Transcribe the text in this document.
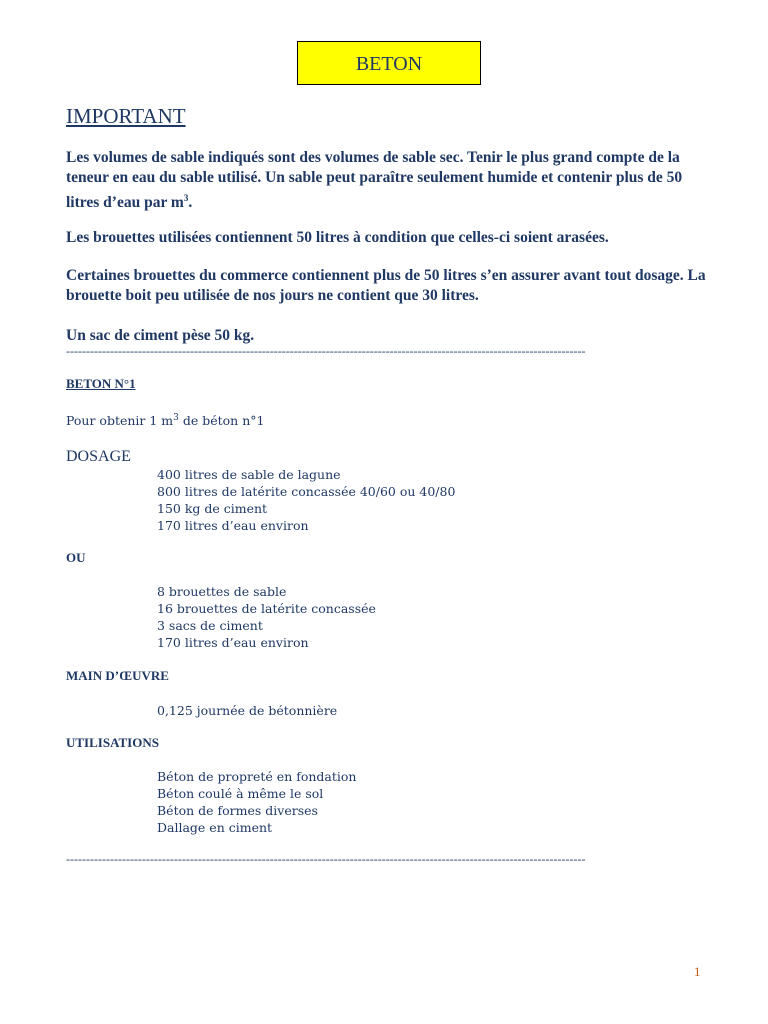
BETON
IMPORTANT
Les volumes de sable indiqués sont des volumes de sable sec. Tenir le plus grand compte de la teneur en eau du sable utilisé. Un sable peut paraître seulement humide et contenir plus de 50 litres d’eau par $m^3$.
Les brouettes utilisées contiennent 50 litres à condition que celles-ci soient arasées.
Certaines brouettes du commerce contiennent plus de 50 litres s’en assurer avant tout dosage. La brouette boit peu utilisée de nos jours ne contient que 30 litres.
Un sac de ciment pèse 50 kg.
----------------------------------------------------------------------------------------------------------------------------------
BETON N°1
Pour obtenir 1 $m^3$ de béton n°1
DOSAGE
400 litres de sable de lagune
800 litres de latérite concassée 40/60 ou 40/80
150 kg de ciment
170 litres d’eau environ
OU
8 brouettes de sable
16 brouettes de latérite concassée
3 sacs de ciment
170 litres d’eau environ
MAIN D’ŒUVRE
0,125 journée de bétonnière
UTILISATIONS
Béton de propreté en fondation
Béton coulé à même le sol
Béton de formes diverses
Dallage en ciment
----------------------------------------------------------------------------------------------------------------------------------
1
